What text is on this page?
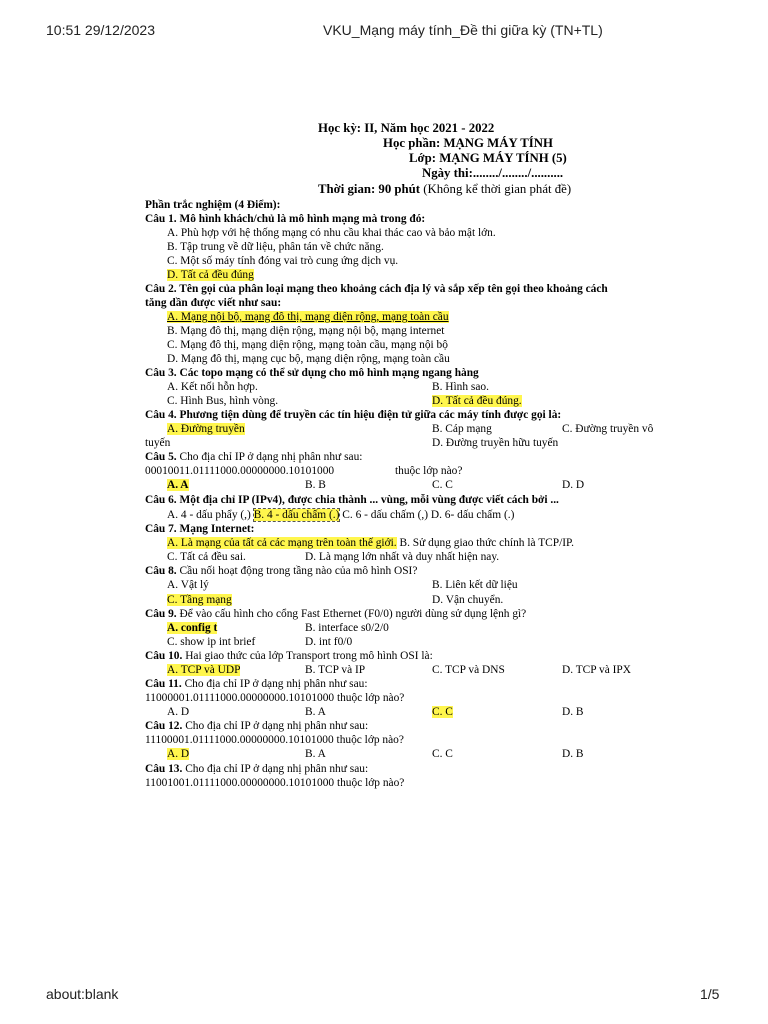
10:51 29/12/2023	VKU_Mạng máy tính_Đề thi giữa kỳ (TN+TL)
about:blank	1/5
Học kỳ: II, Năm học 2021 - 2022
Học phần: MẠNG MÁY TÍNH
Lớp: MẠNG MÁY TÍNH (5)
Ngày thi:......../......../..........
Thời gian: 90 phút (Không kể thời gian phát đề)
Phần trắc nghiệm (4 Điểm):
Câu 1. Mô hình khách/chủ là mô hình mạng mà trong đó:
A. Phù hợp với hệ thống mạng có nhu cầu khai thác cao và bảo mật lớn.
B. Tập trung về dữ liệu, phân tán về chức năng.
C. Một số máy tính đóng vai trò cung ứng dịch vụ.
D. Tất cả đều đúng
Câu 2. Tên gọi của phân loại mạng theo khoảng cách địa lý và sắp xếp tên gọi theo khoảng cách
tăng dần được viết như sau:
A. Mạng nội bộ, mạng đô thị, mạng diện rộng, mạng toàn cầu
B. Mạng đô thị, mạng diện rộng, mạng nội bộ, mạng internet
C. Mạng đô thị, mạng diện rộng, mạng toàn cầu, mạng nội bộ
D. Mạng đô thị, mạng cục bộ, mạng diện rộng, mạng toàn cầu
Câu 3. Các topo mạng có thể sử dụng cho mô hình mạng ngang hàng
A. Kết nối hỗn hợp.	B. Hình sao.
C. Hình Bus, hình vòng.	D. Tất cả đều đúng.
Câu 4. Phương tiện dùng để truyền các tín hiệu điện tử giữa các máy tính được gọi là:
A. Đường truyền	B. Cáp mạng	C. Đường truyền vô
tuyến	D. Đường truyền hữu tuyến
Câu 5. Cho địa chỉ IP ở dạng nhị phân như sau:
00010011.01111000.00000000.10101000	thuộc lớp nào?
A. A	B. B	C. C	D. D
Câu 6. Một địa chỉ IP (IPv4), được chia thành ... vùng, mỗi vùng được viết cách bởi ...
A. 4 - dấu phẩy (,) B. 4 - dấu chấm (.) C. 6 - dấu chấm (,) D. 6- dấu chấm (.)
Câu 7. Mạng Internet:
A. Là mạng của tất cả các mạng trên toàn thế giới. B. Sử dụng giao thức chính là TCP/IP.
C. Tất cả đều sai.	D. Là mạng lớn nhất và duy nhất hiện nay.
Câu 8. Cầu nối hoạt động trong tầng nào của mô hình OSI?
A. Vật lý	B. Liên kết dữ liệu
C. Tầng mạng	D. Vận chuyển.
Câu 9. Để vào cấu hình cho cổng Fast Ethernet (F0/0) người dùng sử dụng lệnh gì?
A. config t	B. interface s0/2/0
C. show ip int brief	D. int f0/0
Câu 10. Hai giao thức của lớp Transport trong mô hình OSI là:
A. TCP và UDP	B. TCP và IP	C. TCP và DNS	D. TCP và IPX
Câu 11. Cho địa chỉ IP ở dạng nhị phân như sau:
11000001.01111000.00000000.10101000 thuộc lớp nào?
A. D	B. A	C. C	D. B
Câu 12. Cho địa chỉ IP ở dạng nhị phân như sau:
11100001.01111000.00000000.10101000 thuộc lớp nào?
A. D	B. A	C. C	D. B
Câu 13. Cho địa chỉ IP ở dạng nhị phân như sau:
11001001.01111000.00000000.10101000 thuộc lớp nào?
